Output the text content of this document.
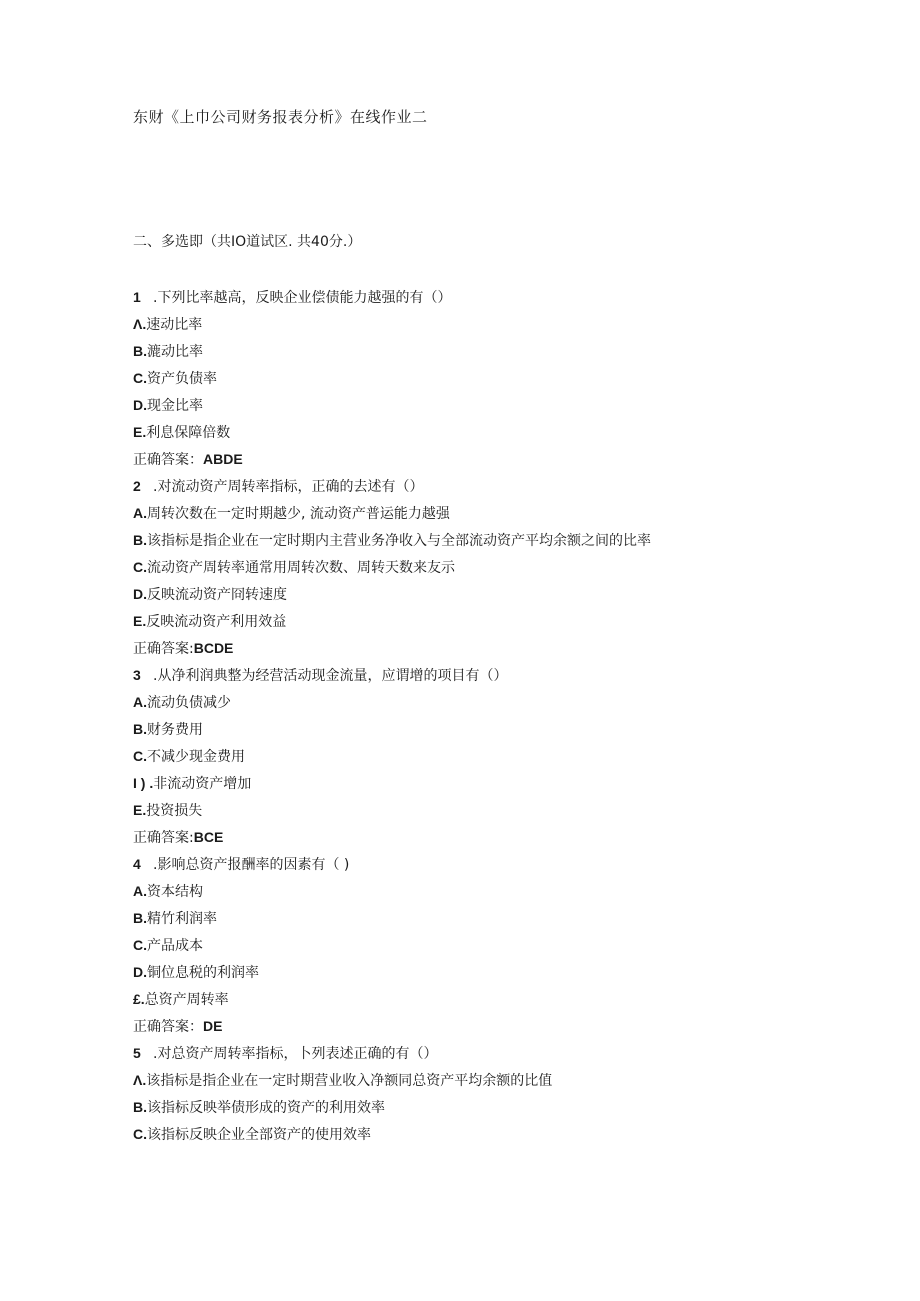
东财《上巾公司财务报表分析》在线作业二
二、多选即（共IO道试区. 共40分.）
1 .下列比率越高，反映企业偿债能力越强的有（）
Λ.速动比率
B.漉动比率
C.资产负债率
D.现金比率
E.利息保障倍数
正确答案：ABDE
2 .对流动资产周转率指标，正确的去述有（）
A.周转次数在一定时期越少, 流动资产普运能力越强
B.该指标是指企业在一定时期内主营业务净收入与全部流动资产平均余额之间的比率
C.流动资产周转率通常用周转次数、周转天数来友示
D.反映流动资产冏转速度
E.反映流动资产利用效益
正确答案:BCDE
3 .从净利润典整为经营活动现金流量，应谓增的项目有（）
A.流动负债减少
B.财务费用
C.不减少现金费用
I ) .非流动资产增加
E.投资损失
正确答案:BCE
4 .影响总资产报酬率的因素有（ )
A.资本结构
B.精竹利润率
C.产品成本
D.铜位息税的利润率
£.总资产周转率
正确答案：DE
5 .对总资产周转率指标，卜列表述正确的有（）
Λ.该指标是指企业在一定时期营业收入净额同总资产平均余额的比值
B.该指标反映举债形成的资产的利用效率
C.该指标反映企业全部资产的使用效率
